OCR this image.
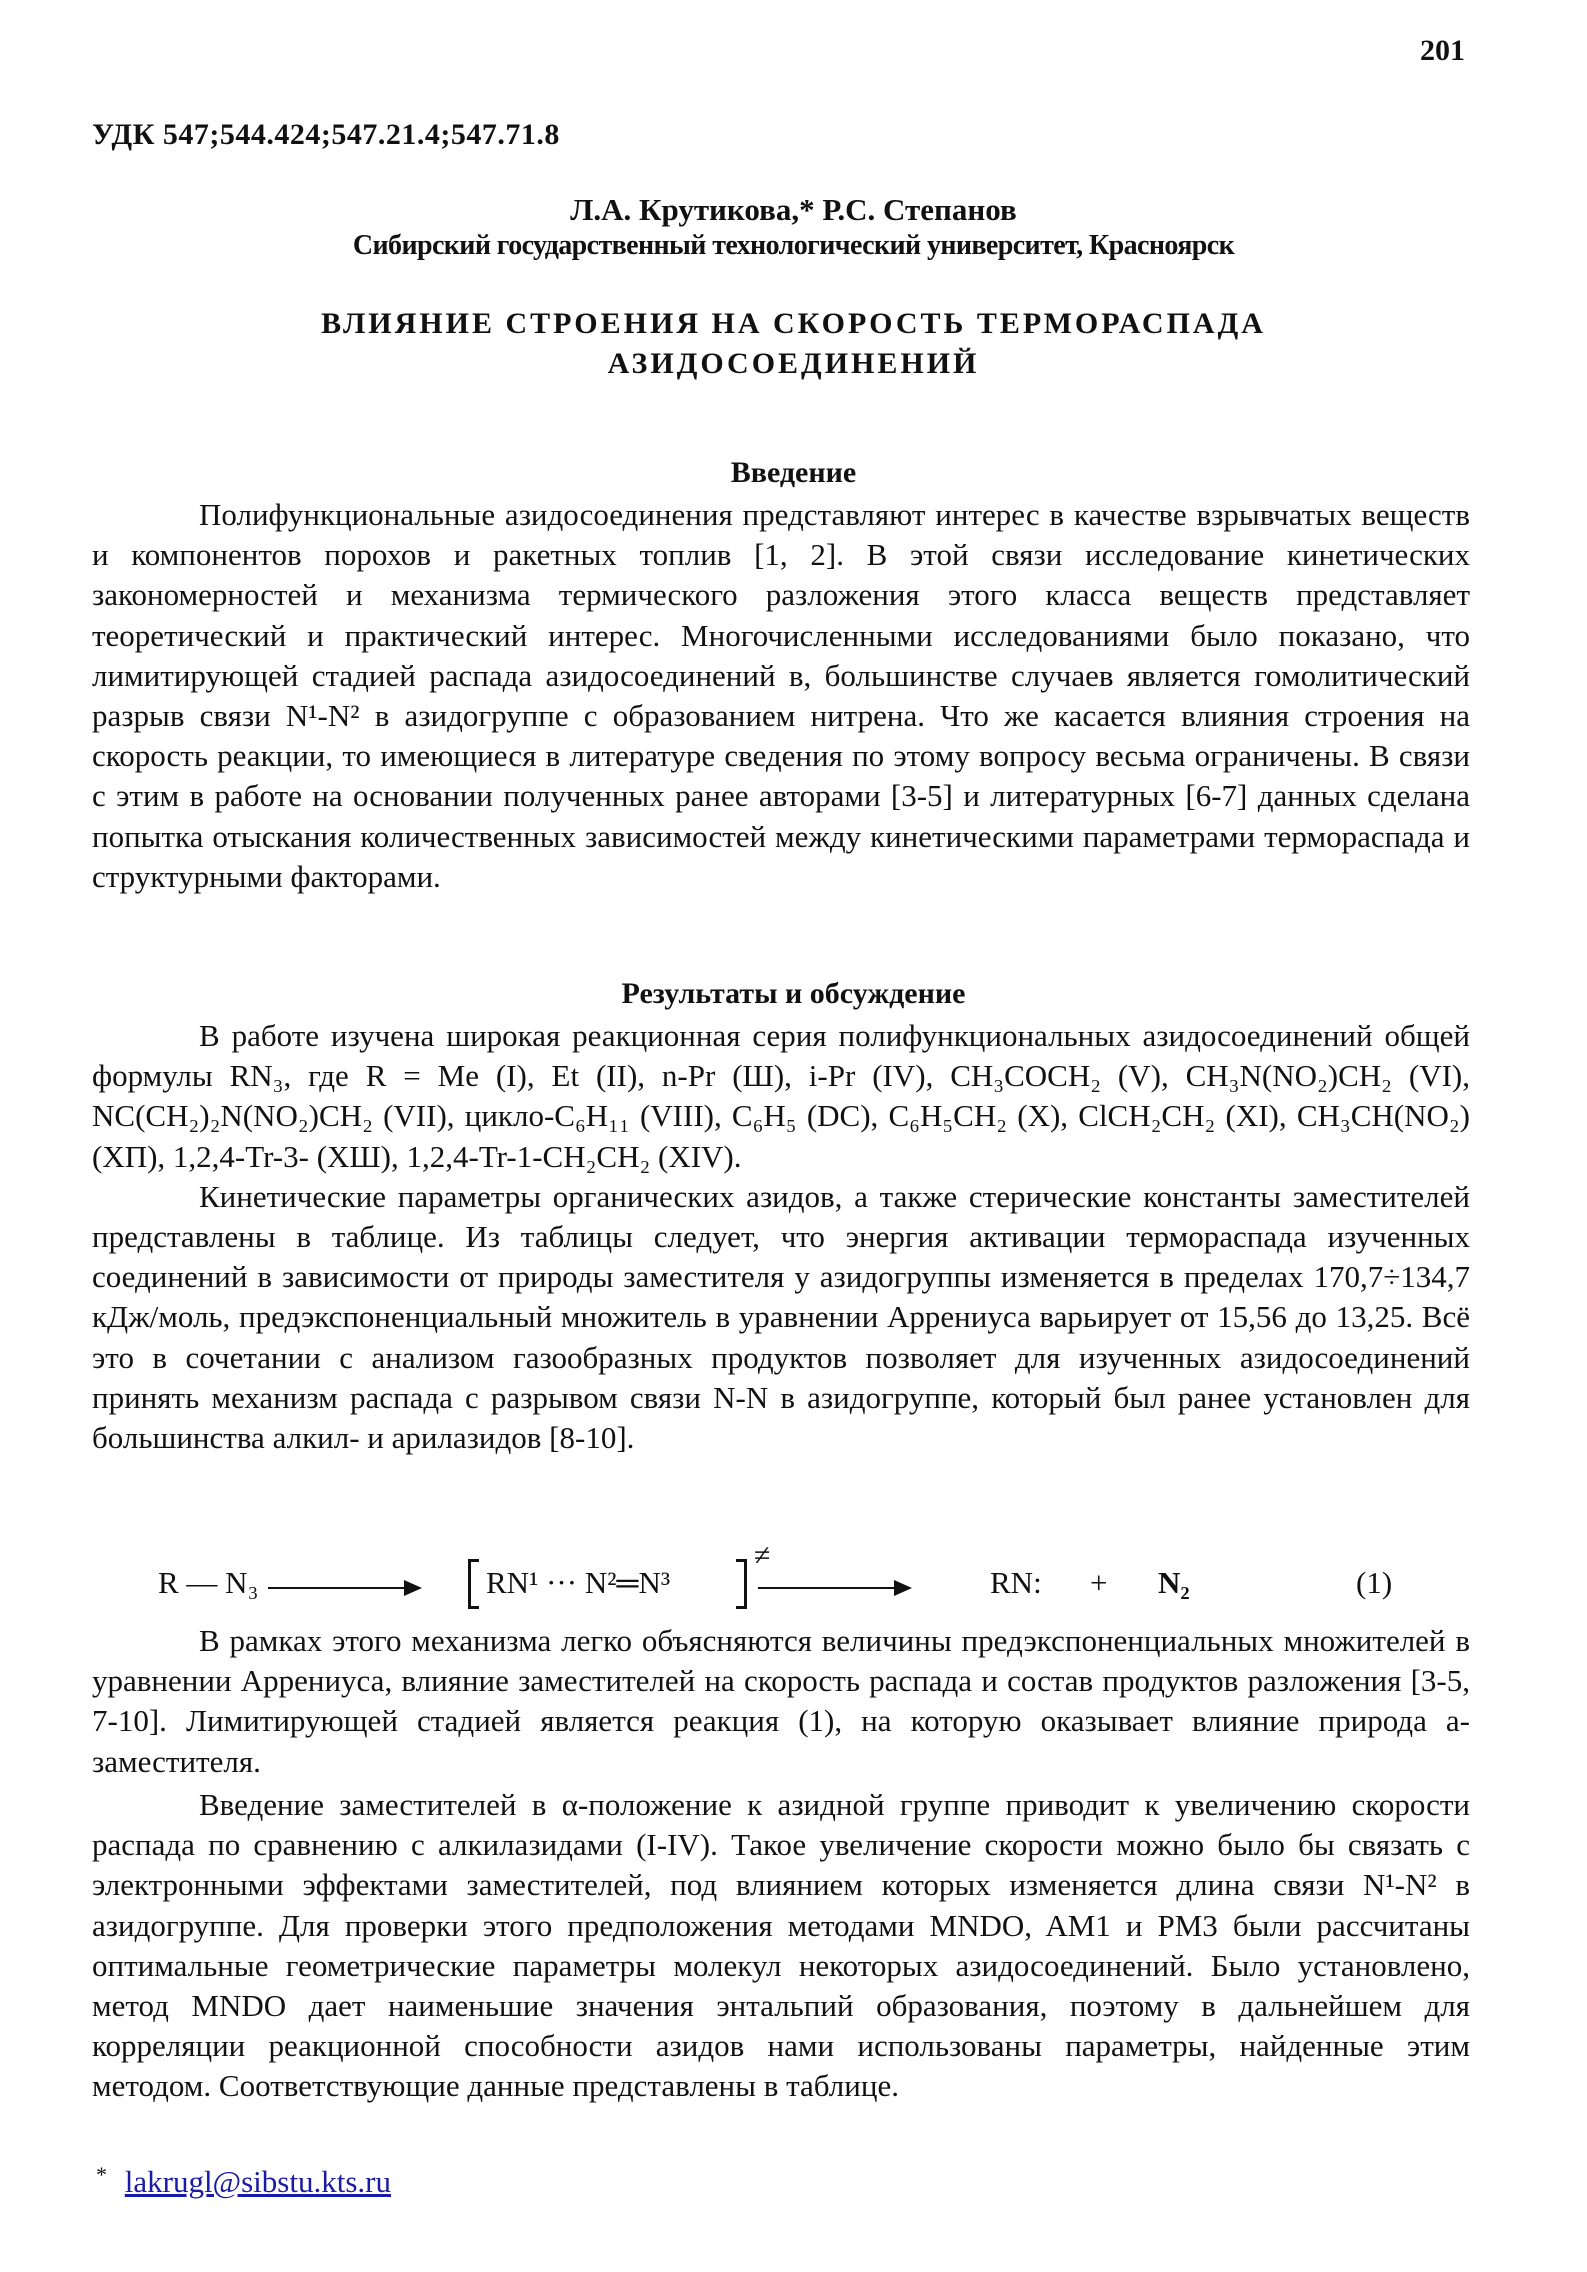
201
УДК 547;544.424;547.21.4;547.71.8
Л.А. Крутикова,* Р.С. Степанов
Сибирский государственный технологический университет, Красноярск
ВЛИЯНИЕ СТРОЕНИЯ НА СКОРОСТЬ ТЕРМОРАСПАДА
АЗИДОСОЕДИНЕНИЙ
Введение

Полифункциональные азидосоединения представляют интерес в качестве взрывчатых веществ и компонентов порохов и ракетных топлив [1, 2]. В этой связи исследование кинетических закономерностей и механизма термического разложения этого класса веществ представляет теоретический и практический интерес. Многочисленными исследованиями было показано, что лимитирующей стадией распада азидосоединений в, большинстве случаев является гомолитический разрыв связи N¹-N² в азидогруппе с образованием нитрена. Что же касается влияния строения на скорость реакции, то имеющиеся в литературе сведения по этому вопросу весьма ограничены. В связи с этим в работе на основании полученных ранее авторами [3-5] и литературных [6-7] данных сделана попытка отыскания количественных зависимостей между кинетическими параметрами термораспада и структурными факторами.

Результаты и обсуждение

В работе изучена широкая реакционная серия полифункциональных азидосоединений общей формулы RN₃, где R = Me (I), Et (II), n-Pr (Ш), i-Pr (IV), CH₃COCH₂ (V), CH₃N(NO₂)CH₂ (VI), NC(CH₂)₂N(NO₂)CH₂ (VII), цикло-C₆H₁₁ (VIII), C₆H₅ (DC), C₆H₅CH₂ (X), ClCH₂CH₂ (XI), CH₃CH(NO₂) (XП), 1,2,4-Tr-3- (XШ), 1,2,4-Tr-1-CH₂CH₂ (XIV).

Кинетические параметры органических азидов, а также стерические константы заместителей представлены в таблице. Из таблицы следует, что энергия активации терморaспада изученных соединений в зависимости от природы заместителя у азидогруппы изменяется в пределах 170,7÷134,7 кДж/моль, предэкспоненциальный множитель в уравнении Аррениуса варьирует от 15,56 до 13,25. Всё это в сочетании с анализом газообразных продуктов позволяет для изученных азидосоединений принять механизм распада с разрывом связи N-N в азидогруппе, который был ранее установлен для большинства алкил- и арилазидов [8-10].

R — N₃	RN¹ ··· N²═N³
≠
RN: + N₂	(1)

В рамках этого механизма легко объясняются величины предэкспоненциальных множителей в уравнении Аррениуса, влияние заместителей на скорость распада и состав продуктов разложения [3-5, 7-10]. Лимитирующей стадией является реакция (1), на которую оказывает влияние природа а-заместителя.

Введение заместителей в α-положение к азидной группе приводит к увеличению скорости распада по сравнению с алкилазидами (I-IV). Такое увеличение скорости можно было бы связать с электронными эффектами заместителей, под влиянием которых изменяется длина связи N¹-N² в азидогруппе. Для проверки этого предположения методами MNDO, AM1 и PM3 были рассчитаны оптимальные геометрические параметры молекул некоторых азидосоединений. Было установлено, метод MNDO дает наименьшие значения энтальпий образования, поэтому в дальнейшем для корреляции реакционной способности азидов нами использованы параметры, найденные этим методом. Соответствующие данные представлены в таблице.

* lakrugl@sibstu.kts.ru
